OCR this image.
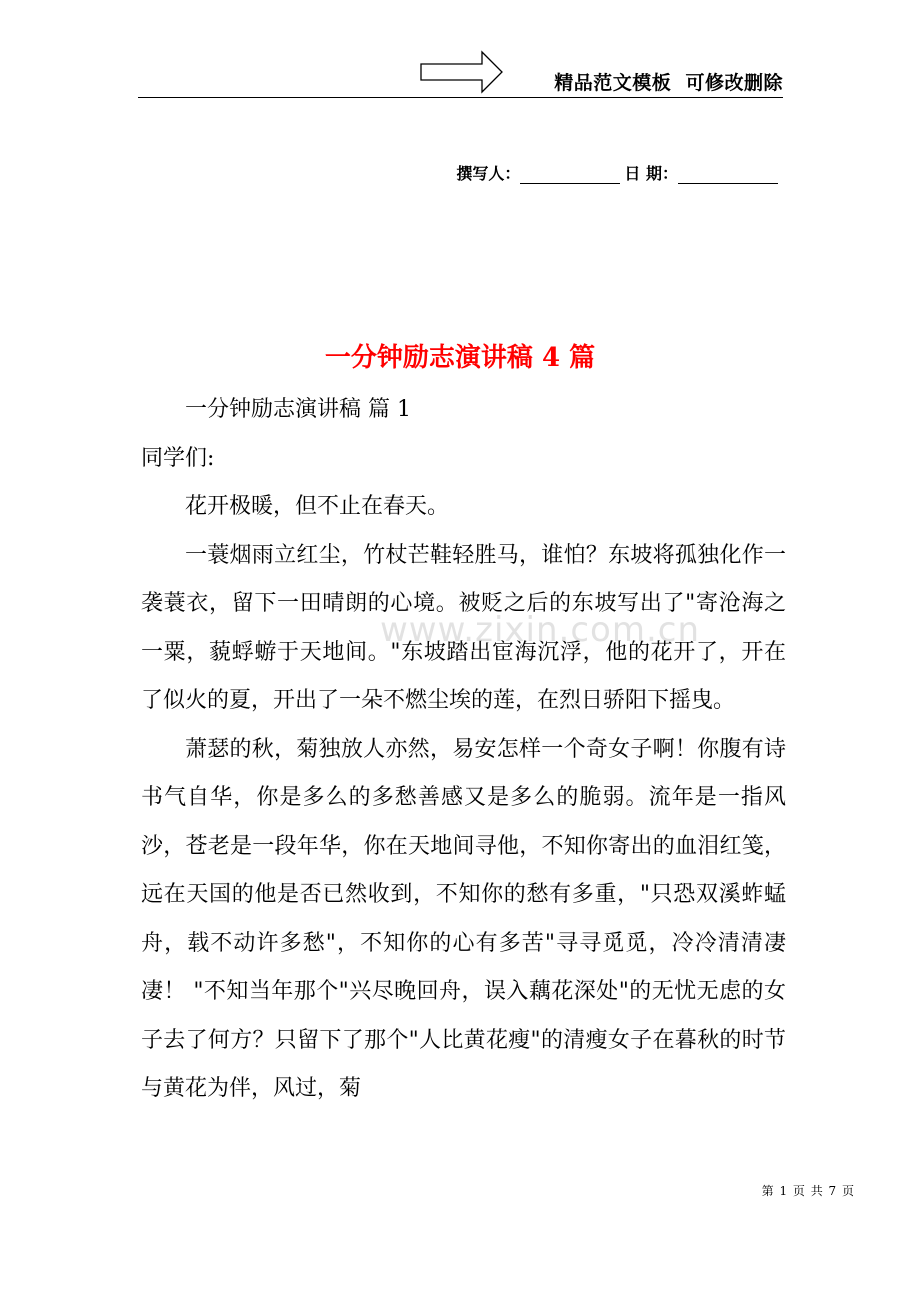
精品范文模板  可修改删除
撰写人：	日 期：
一分钟励志演讲稿 4 篇

一分钟励志演讲稿 篇 1

同学们:

花开极暖，但不止在春天。

一蓑烟雨立红尘，竹杖芒鞋轻胜马，谁怕？东坡将孤独化作一袭蓑衣，留下一田晴朗的心境。被贬之后的东坡写出了"寄沧海之一粟，藐蜉蝣于天地间。"东坡踏出宦海沉浮，他的花开了，开在了似火的夏，开出了一朵不燃尘埃的莲，在烈日骄阳下摇曳。

萧瑟的秋，菊独放人亦然，易安怎样一个奇女子啊！你腹有诗书气自华，你是多么的多愁善感又是多么的脆弱。流年是一指风沙，苍老是一段年华，你在天地间寻他，不知你寄出的血泪红笺，远在天国的他是否已然收到，不知你的愁有多重，"只恐双溪蚱蜢舟，载不动许多愁"，不知你的心有多苦"寻寻觅觅，冷冷清清凄凄！ "不知当年那个"兴尽晚回舟，误入藕花深处"的无忧无虑的女子去了何方？只留下了那个"人比黄花瘦"的清瘦女子在暮秋的时节与黄花为伴，风过，菊

www.zixin.com.cn
第 1 页 共 7 页
